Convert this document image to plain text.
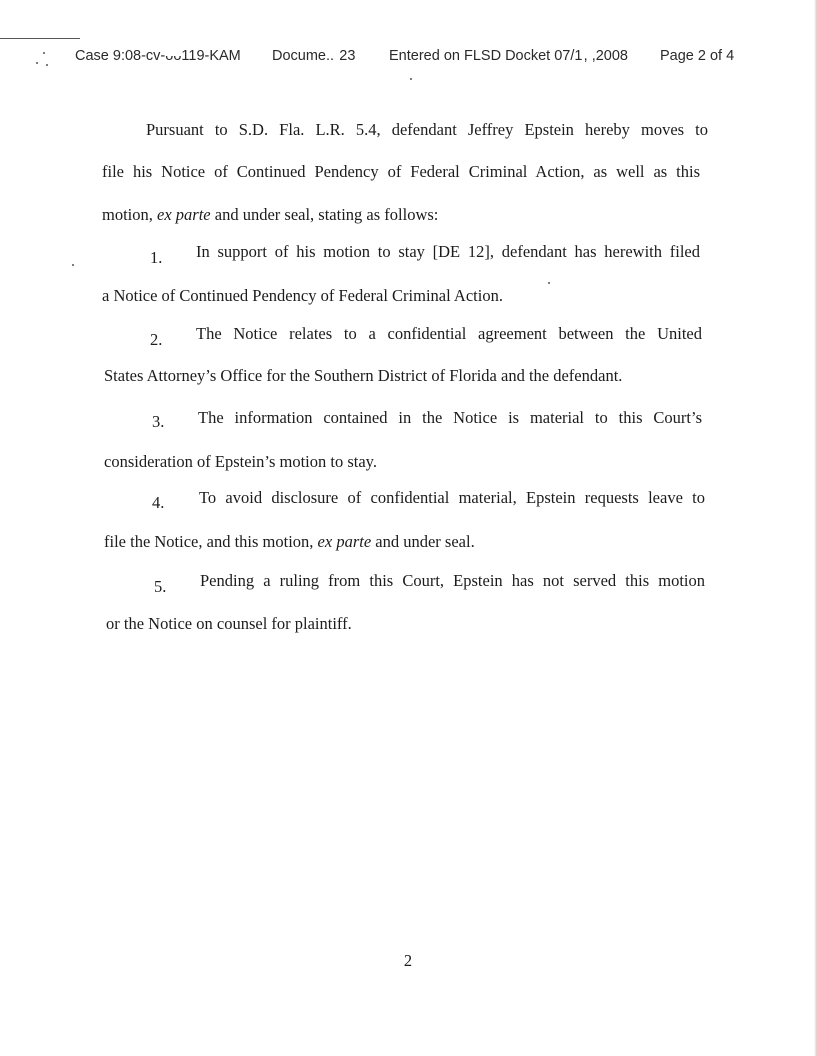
Case 9:08-cv-ᴗᴗ119-KAM Docume..  23 Entered on FLSD Docket 07/1 , ,2008 Page 2 of 4
Pursuant to S.D. Fla. L.R. 5.4, defendant Jeffrey Epstein hereby moves to
file his Notice of Continued Pendency of Federal Criminal Action, as well as this
motion, ex parte and under seal, stating as follows:
1. In support of his motion to stay [DE 12], defendant has herewith filed
a Notice of Continued Pendency of Federal Criminal Action.
2. The Notice relates to a confidential agreement between the United
States Attorney’s Office for the Southern District of Florida and the defendant.
3. The information contained in the Notice is material to this Court’s
consideration of Epstein’s motion to stay.
4. To avoid disclosure of confidential material, Epstein requests leave to
file the Notice, and this motion, ex parte and under seal.
5. Pending a ruling from this Court, Epstein has not served this motion
or the Notice on counsel for plaintiff.
2
